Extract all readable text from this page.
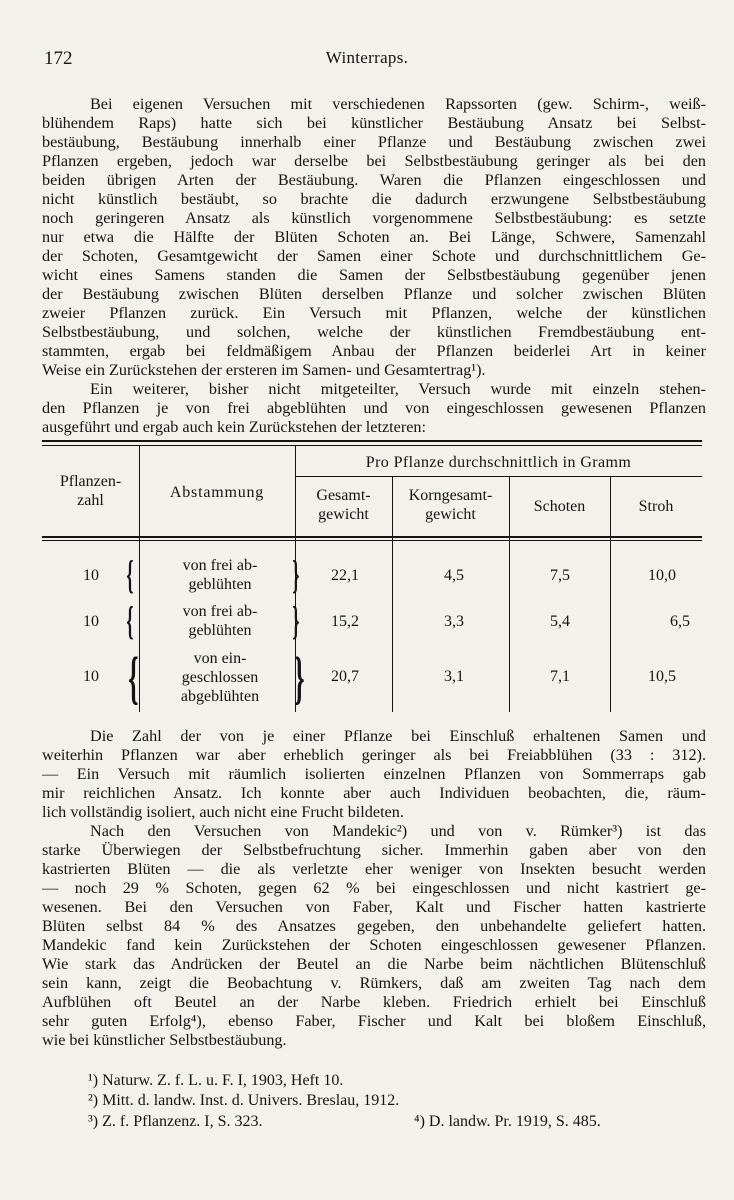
172	Winterraps.
Bei eigenen Versuchen mit verschiedenen Rapssorten (gew. Schirm-, weiß-
blühendem Raps) hatte sich bei künstlicher Bestäubung Ansatz bei Selbst-
bestäubung, Bestäubung innerhalb einer Pflanze und Bestäubung zwischen zwei
Pflanzen ergeben, jedoch war derselbe bei Selbstbestäubung geringer als bei den
beiden übrigen Arten der Bestäubung. Waren die Pflanzen eingeschlossen und
nicht künstlich bestäubt, so brachte die dadurch erzwungene Selbstbestäubung
noch geringeren Ansatz als künstlich vorgenommene Selbstbestäubung: es setzte
nur etwa die Hälfte der Blüten Schoten an. Bei Länge, Schwere, Samenzahl
der Schoten, Gesamtgewicht der Samen einer Schote und durchschnittlichem Ge-
wicht eines Samens standen die Samen der Selbstbestäubung gegenüber jenen
der Bestäubung zwischen Blüten derselben Pflanze und solcher zwischen Blüten
zweier Pflanzen zurück. Ein Versuch mit Pflanzen, welche der künstlichen
Selbstbestäubung, und solchen, welche der künstlichen Fremdbestäubung ent-
stammten, ergab bei feldmäßigem Anbau der Pflanzen beiderlei Art in keiner
Weise ein Zurückstehen der ersteren im Samen- und Gesamtertrag¹).
Ein weiterer, bisher nicht mitgeteilter, Versuch wurde mit einzeln stehen-
den Pflanzen je von frei abgeblühten und von eingeschlossen gewesenen Pflanzen
ausgeführt und ergab auch kein Zurückstehen der letzteren:
Pflanzen-
zahl	Abstammung
Pro Pflanze durchschnittlich in Gramm
Gesamt-
gewicht
Korngesamt-
gewicht	Schoten	Stroh
10 {	von frei ab-
geblühten	}	22,1	4,5	7,5	10,0
10 {	von frei ab-
geblühten	}	15,2	3,3	5,4	6,5
10 {	von ein-
geschlossen
abgeblühten }	20,7	3,1	7,1	10,5
Die Zahl der von je einer Pflanze bei Einschluß erhaltenen Samen und
weiterhin Pflanzen war aber erheblich geringer als bei Freiabblühen (33 : 312).
— Ein Versuch mit räumlich isolierten einzelnen Pflanzen von Sommerraps gab
mir reichlichen Ansatz. Ich konnte aber auch Individuen beobachten, die, räum-
lich vollständig isoliert, auch nicht eine Frucht bildeten.
Nach den Versuchen von Mandekic²) und von v. Rümker³) ist das
starke Überwiegen der Selbstbefruchtung sicher. Immerhin gaben aber von den
kastrierten Blüten — die als verletzte eher weniger von Insekten besucht werden
— noch 29 % Schoten, gegen 62 % bei eingeschlossen und nicht kastriert ge-
wesenen. Bei den Versuchen von Faber, Kalt und Fischer hatten kastrierte
Blüten selbst 84 % des Ansatzes gegeben, den unbehandelte geliefert hatten.
Mandekic fand kein Zurückstehen der Schoten eingeschlossen gewesener Pflanzen.
Wie stark das Andrücken der Beutel an die Narbe beim nächtlichen Blütenschluß
sein kann, zeigt die Beobachtung v. Rümkers, daß am zweiten Tag nach dem
Aufblühen oft Beutel an der Narbe kleben. Friedrich erhielt bei Einschluß
sehr guten Erfolg⁴), ebenso Faber, Fischer und Kalt bei bloßem Einschluß,
wie bei künstlicher Selbstbestäubung.
¹) Naturw. Z. f. L. u. F. I, 1903, Heft 10.
²) Mitt. d. landw. Inst. d. Univers. Breslau, 1912.
³) Z. f. Pflanzenz. I, S. 323.	⁴) D. landw. Pr. 1919, S. 485.
